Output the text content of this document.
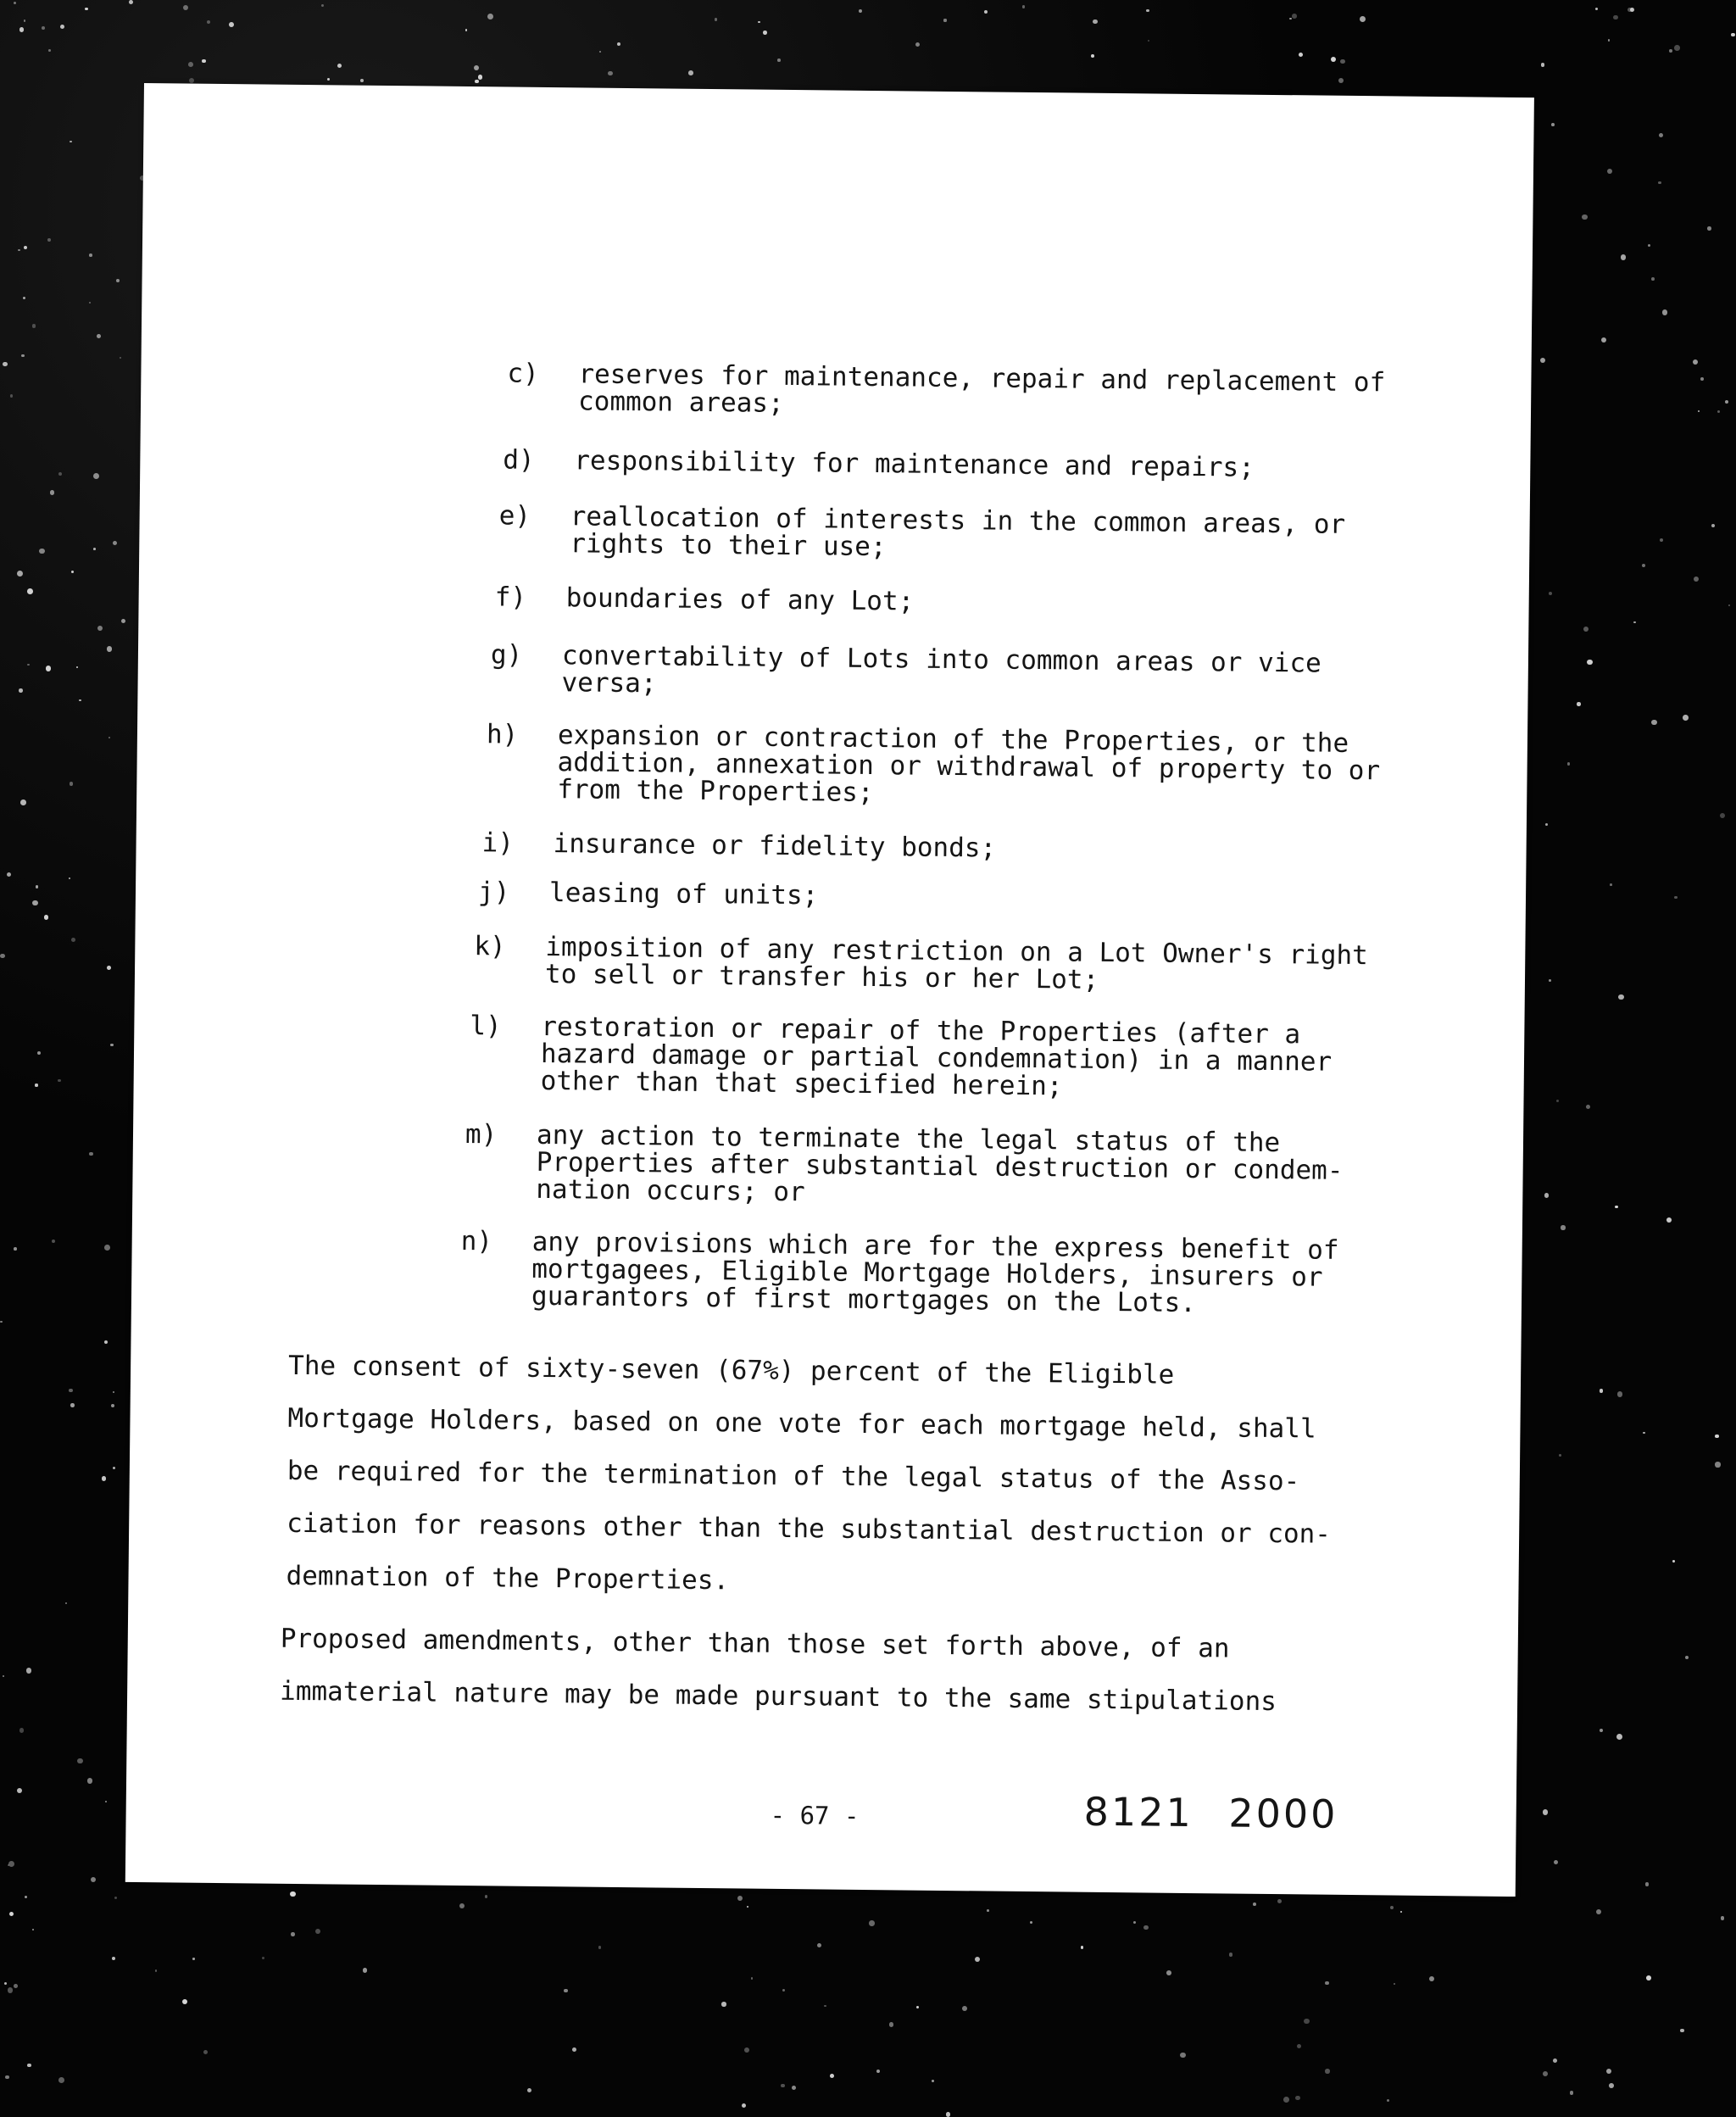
c)	reserves for maintenance, repair and replacement of
common areas;
d)	responsibility for maintenance and repairs;
e)	reallocation of interests in the common areas, or
rights to their use;
f)	boundaries of any Lot;
g)	convertability of Lots into common areas or vice
versa;
h)	expansion or contraction of the Properties, or the
addition, annexation or withdrawal of property to or
from the Properties;
i)	insurance or fidelity bonds;
j)	leasing of units;
k)	imposition of any restriction on a Lot Owner's right
to sell or transfer his or her Lot;
l)	restoration or repair of the Properties (after a
hazard damage or partial condemnation) in a manner
other than that specified herein;
m)	any action to terminate the legal status of the
Properties after substantial destruction or condem-
nation occurs; or
n)	any provisions which are for the express benefit of
mortgagees, Eligible Mortgage Holders, insurers or
guarantors of first mortgages on the Lots.
The consent of sixty-seven (67%) percent of the Eligible
Mortgage Holders, based on one vote for each mortgage held, shall
be required for the termination of the legal status of the Asso-
ciation for reasons other than the substantial destruction or con-
demnation of the Properties.
Proposed amendments, other than those set forth above, of an
immaterial nature may be made pursuant to the same stipulations
- 67 -	8121 2000
